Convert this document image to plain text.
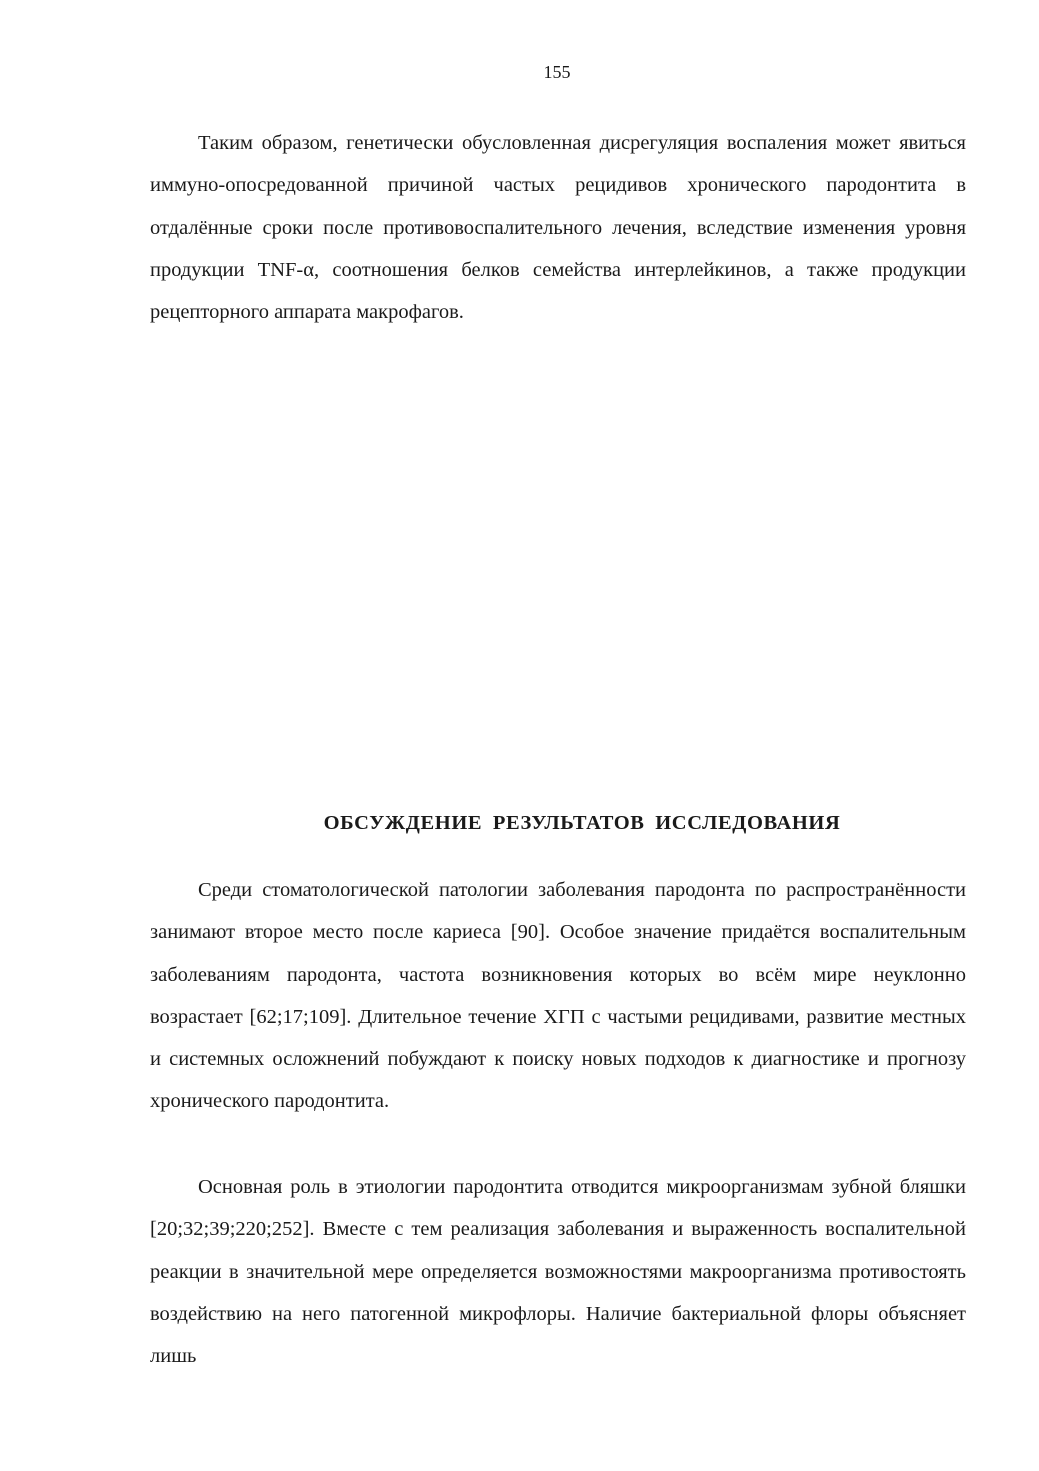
155

Таким образом, генетически обусловленная дисрегуляция воспаления может явиться иммуно-опосредованной причиной частых рецидивов хронического пародонтита в отдалённые сроки после противовоспалительного лечения, вследствие изменения уровня продукции TNF-α, соотношения белков семейства интерлейкинов, а также продукции рецепторного аппарата макрофагов.

ОБСУЖДЕНИЕ РЕЗУЛЬТАТОВ ИССЛЕДОВАНИЯ

Среди стоматологической патологии заболевания пародонта по распространённости занимают второе место после кариеса [90]. Особое значение придаётся воспалительным заболеваниям пародонта, частота возникновения которых во всём мире неуклонно возрастает [62;17;109]. Длительное течение ХГП с частыми рецидивами, развитие местных и системных осложнений побуждают к поиску новых подходов к диагностике и прогнозу хронического пародонтита.

Основная роль в этиологии пародонтита отводится микроорганизмам зубной бляшки [20;32;39;220;252]. Вместе с тем реализация заболевания и выраженность воспалительной реакции в значительной мере определяется возможностями макроорганизма противостоять воздействию на него патогенной микрофлоры. Наличие бактериальной флоры объясняет лишь
